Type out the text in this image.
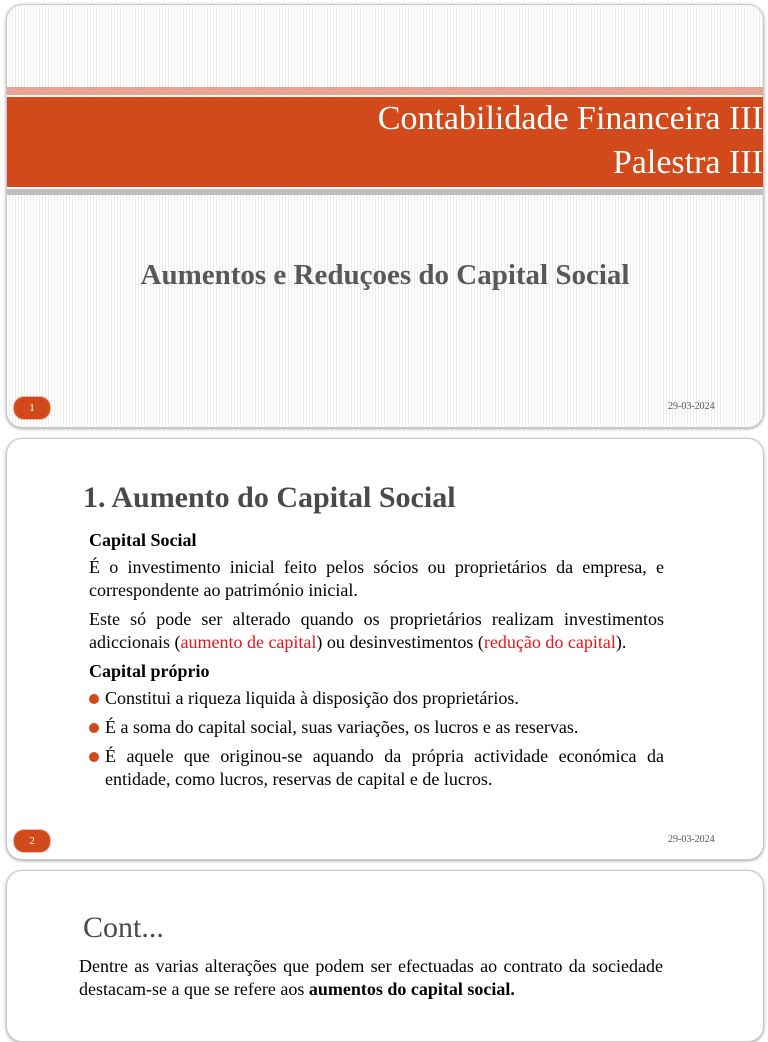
Contabilidade Financeira III
Palestra III
Aumentos e Reduçoes do Capital Social
1	29-03-2024
1. Aumento do Capital Social

Capital Social

É o investimento inicial feito pelos sócios ou proprietários da empresa, e correspondente ao património inicial.

Este só pode ser alterado quando os proprietários realizam investimentos adiccionais (aumento de capital) ou desinvestimentos (redução do capital).

Capital próprio

Constitui a riqueza liquida à disposição dos proprietários.
É a soma do capital social, suas variações, os lucros e as reservas.
É aquele que originou-se aquando da própria actividade económica da entidade, como lucros, reservas de capital e de lucros.
2	29-03-2024
Cont...
Dentre as varias alterações que podem ser efectuadas ao contrato da sociedade destacam-se a que se refere aos aumentos do capital social.
